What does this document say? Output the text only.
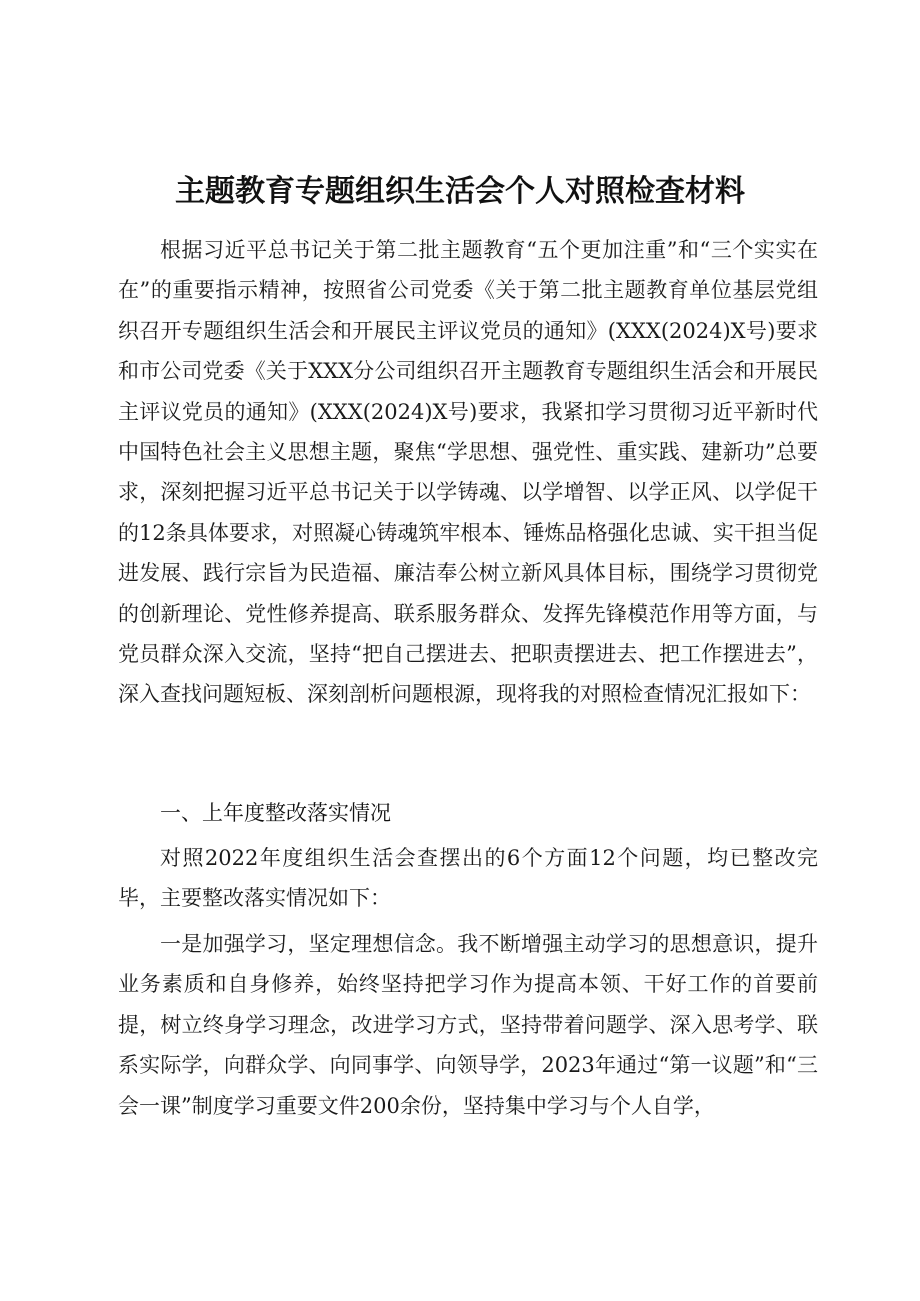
主题教育专题组织生活会个人对照检查材料

根据习近平总书记关于第二批主题教育“五个更加注重”和“三个实实在在”的重要指示精神，按照省公司党委《关于第二批主题教育单位基层党组织召开专题组织生活会和开展民主评议党员的通知》(XXX(2024)X号)要求和市公司党委《关于XXX分公司组织召开主题教育专题组织生活会和开展民主评议党员的通知》(XXX(2024)X号)要求，我紧扣学习贯彻习近平新时代中国特色社会主义思想主题，聚焦“学思想、强党性、重实践、建新功”总要求，深刻把握习近平总书记关于以学铸魂、以学增智、以学正风、以学促干的12条具体要求，对照凝心铸魂筑牢根本、锤炼品格强化忠诚、实干担当促进发展、践行宗旨为民造福、廉洁奉公树立新风具体目标，围绕学习贯彻党的创新理论、党性修养提高、联系服务群众、发挥先锋模范作用等方面，与党员群众深入交流，坚持“把自己摆进去、把职责摆进去、把工作摆进去”，深入查找问题短板、深刻剖析问题根源，现将我的对照检查情况汇报如下：

一、上年度整改落实情况

对照2022年度组织生活会查摆出的6个方面12个问题，均已整改完毕，主要整改落实情况如下：

一是加强学习，坚定理想信念。我不断增强主动学习的思想意识，提升业务素质和自身修养，始终坚持把学习作为提高本领、干好工作的首要前提，树立终身学习理念，改进学习方式，坚持带着问题学、深入思考学、联系实际学，向群众学、向同事学、向领导学，2023年通过“第一议题”和“三会一课”制度学习重要文件200余份，坚持集中学习与个人自学，
